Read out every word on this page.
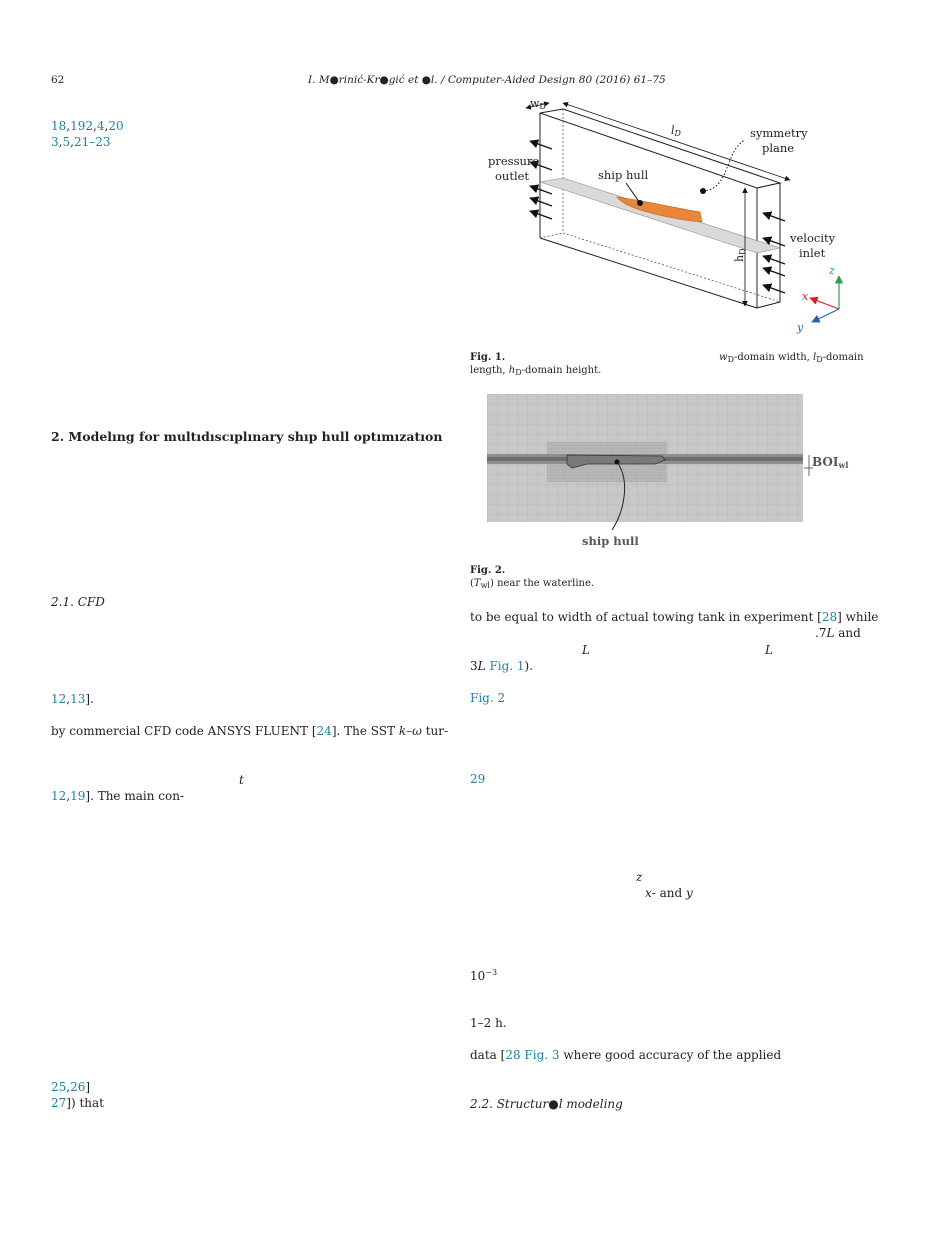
62	I. M●rinić-Kr●gić et ●l. / Computer-Aided Design 80 (2016) 61–75
18,192,4,20
3,5,21–23
2. Modelıng for multıdıscıplınary shıp hull optımızatıon
2.1. CFD
12,13].
by commercial CFD code ANSYS FLUENT [24]. The SST k–ω tur-
t
12,19]. The main con-
25,26]
27]) that
$w_D$
$l_D$	symmetry
plane
pressure
outlet	ship hull
$h_D$
velocity
inlet
z
x
y
Fig. 1.	$w_D$-domain width, $l_D$-domain
length, $h_D$-domain height.
$BOI_{wl}$
ship hull
Fig. 2.
$(T_{wl})$ near the waterline.
to be equal to width of actual towing tank in experiment [28] while
.7L and
L	L
3L Fig. 1).
Fig. 2
29
z
x- and y
$10^{-3}$
1–2 h.
data [28 Fig. 3 where good accuracy of the applied
2.2. Structur●l modeling
